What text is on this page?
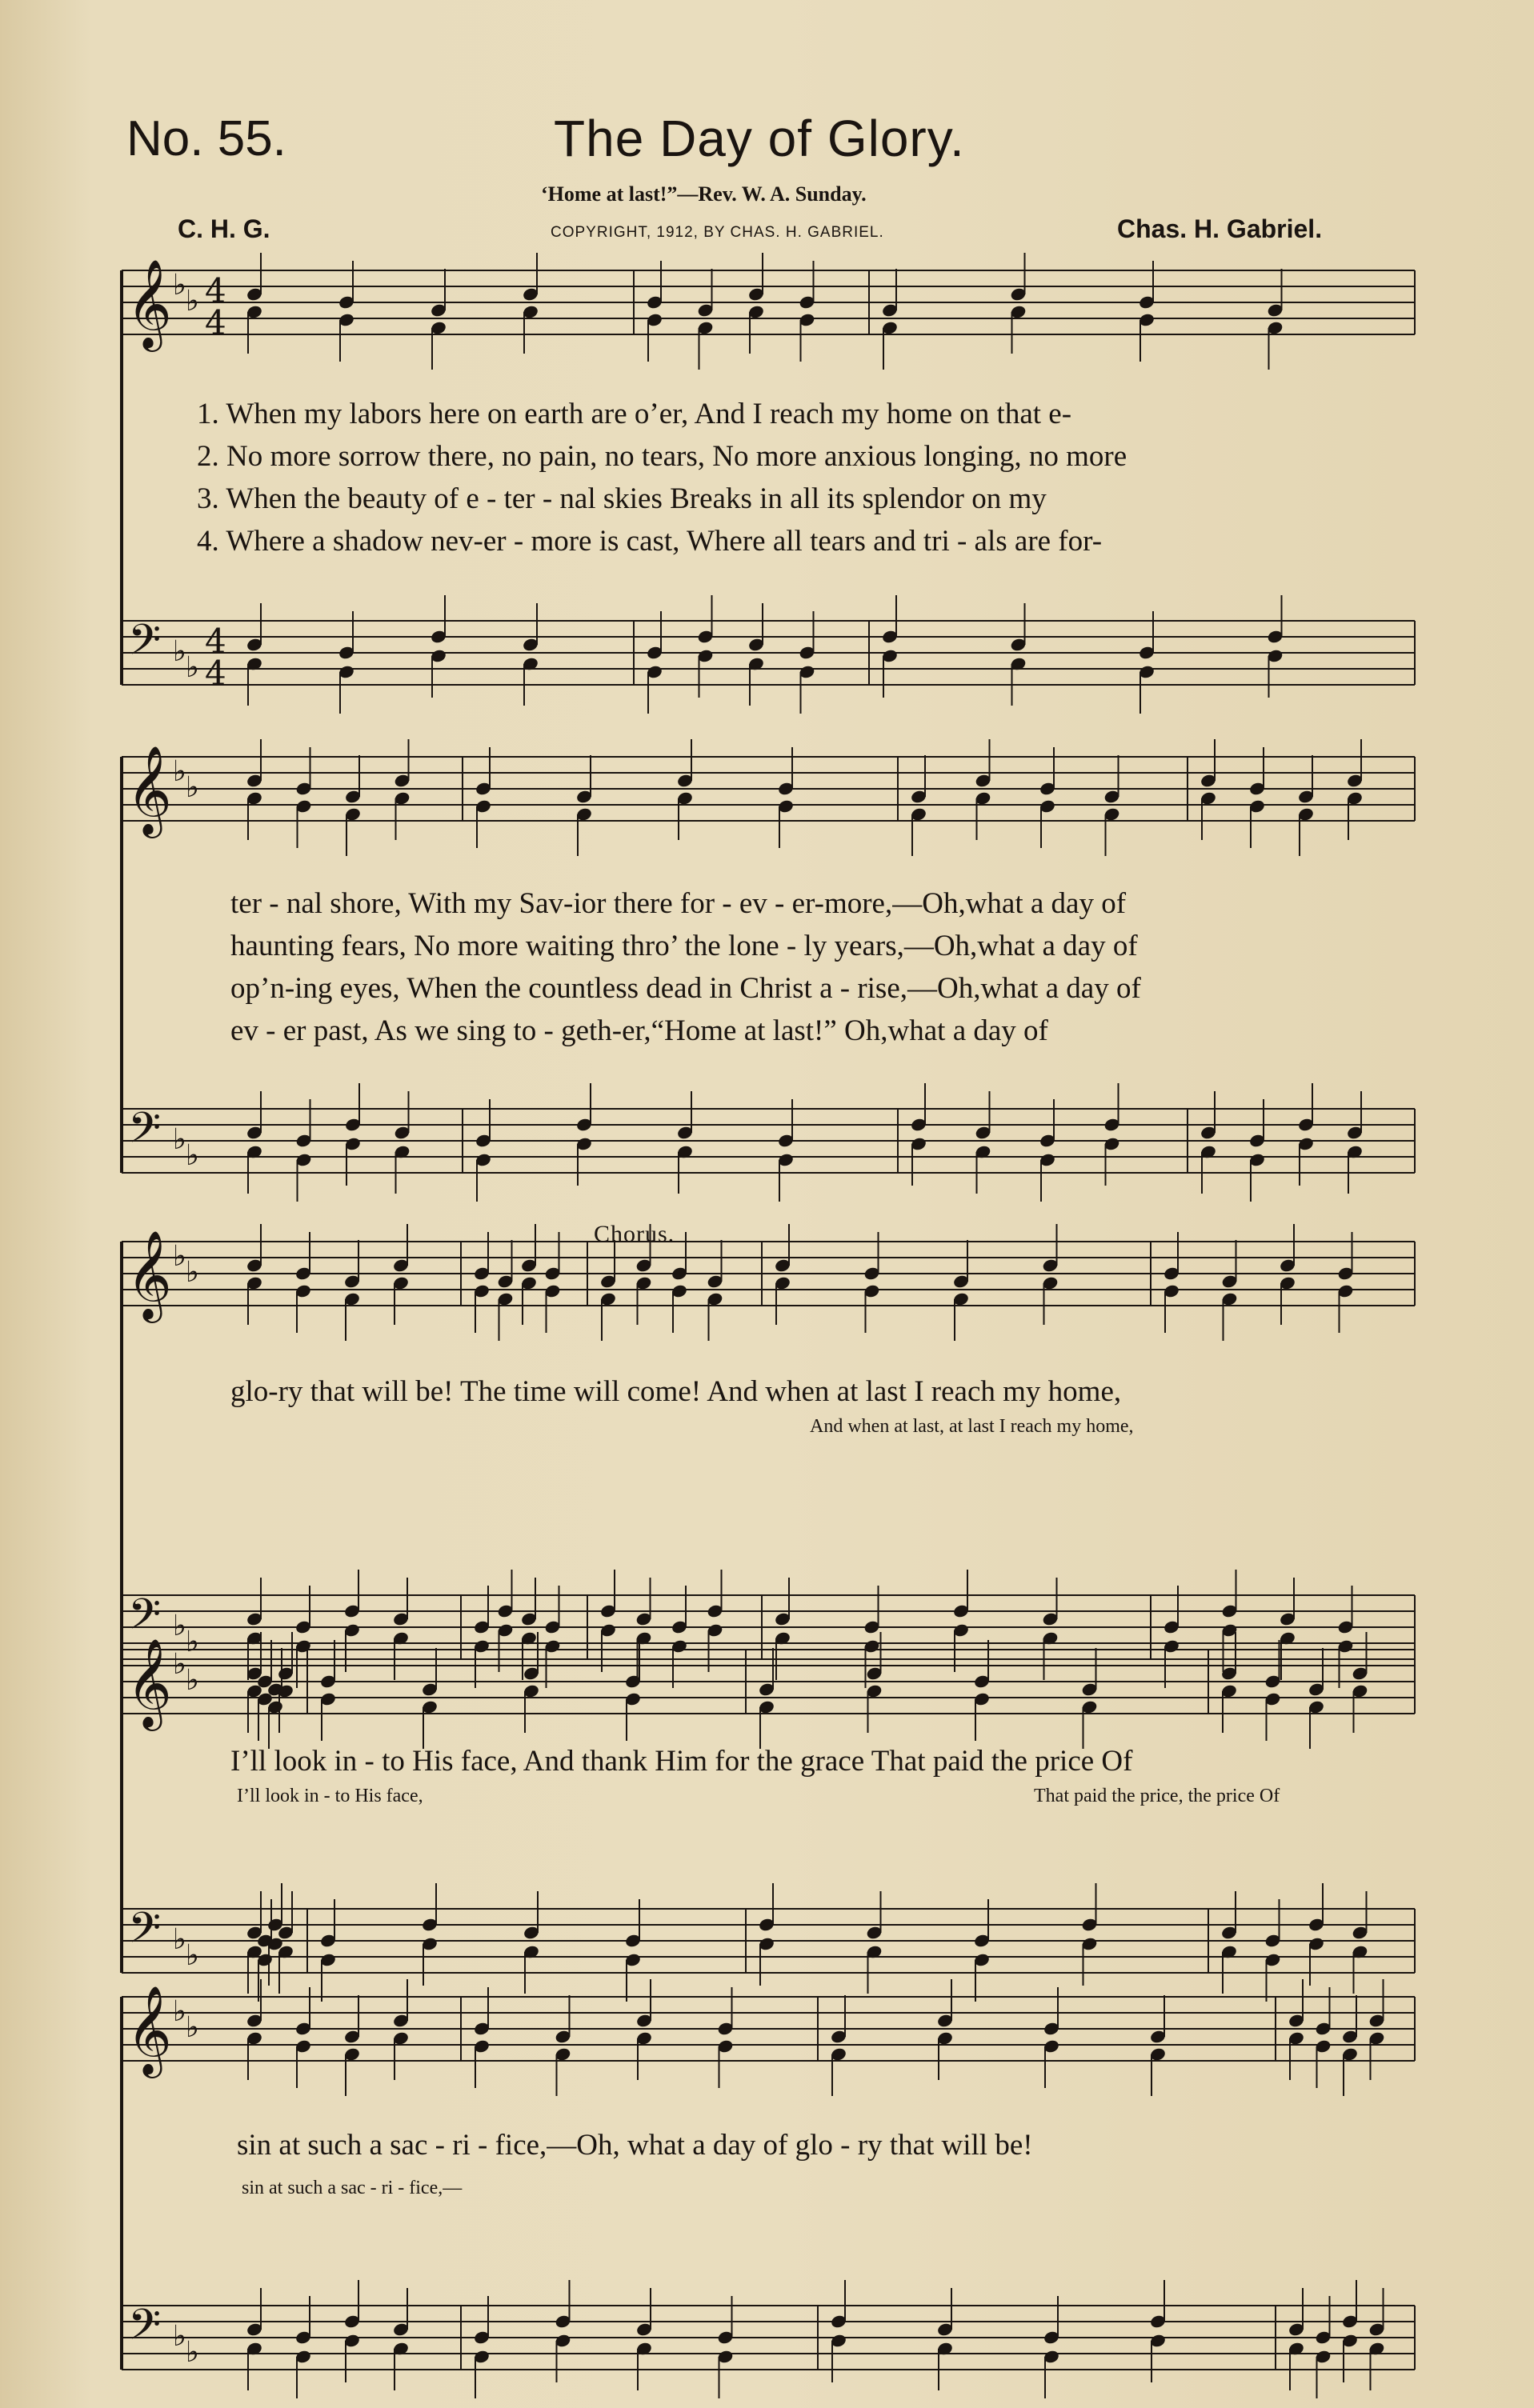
No. 55.	The Day of Glory.
‘Home at last!”—Rev. W. A. Sunday.
C. H. G.	COPYRIGHT, 1912, BY CHAS. H. GABRIEL.	Chas. H. Gabriel.
𝄞
𝄢
♭ ♭
♭ ♭
4
4
4
4
𝄞
𝄢
♭ ♭
♭ ♭
𝄞
𝄢
♭ ♭
♭ ♭
𝄞
𝄢
♭ ♭
♭ ♭
𝄞
𝄢
♭ ♭
♭ ♭
1. When my labors here on earth are o’er, And I reach my home on that e-
2. No more sorrow there, no pain, no tears, No more anxious longing, no more
3. When the beauty of e - ter - nal skies Breaks in all its splendor on my
4. Where a shadow nev-er - more is cast, Where all tears and tri - als are for-
ter - nal shore, With my Sav-ior there for - ev - er-more,—Oh,what a day of
haunting fears, No more waiting thro’ the lone - ly years,—Oh,what a day of
op’n-ing eyes, When the countless dead in Christ a - rise,—Oh,what a day of
ev - er past, As we sing to - geth-er,“Home at last!” Oh,what a day of
Chorus.
glo-ry that will be! The time will come! And when at last I reach my home,
And when at last, at last I reach my home,
I’ll look in - to His face, And thank Him for the grace That paid the price Of
I’ll look in - to His face,	That paid the price, the price Of
sin at such a sac - ri - fice,—Oh, what a day of glo - ry that will be!
sin at such a sac - ri - fice,—
